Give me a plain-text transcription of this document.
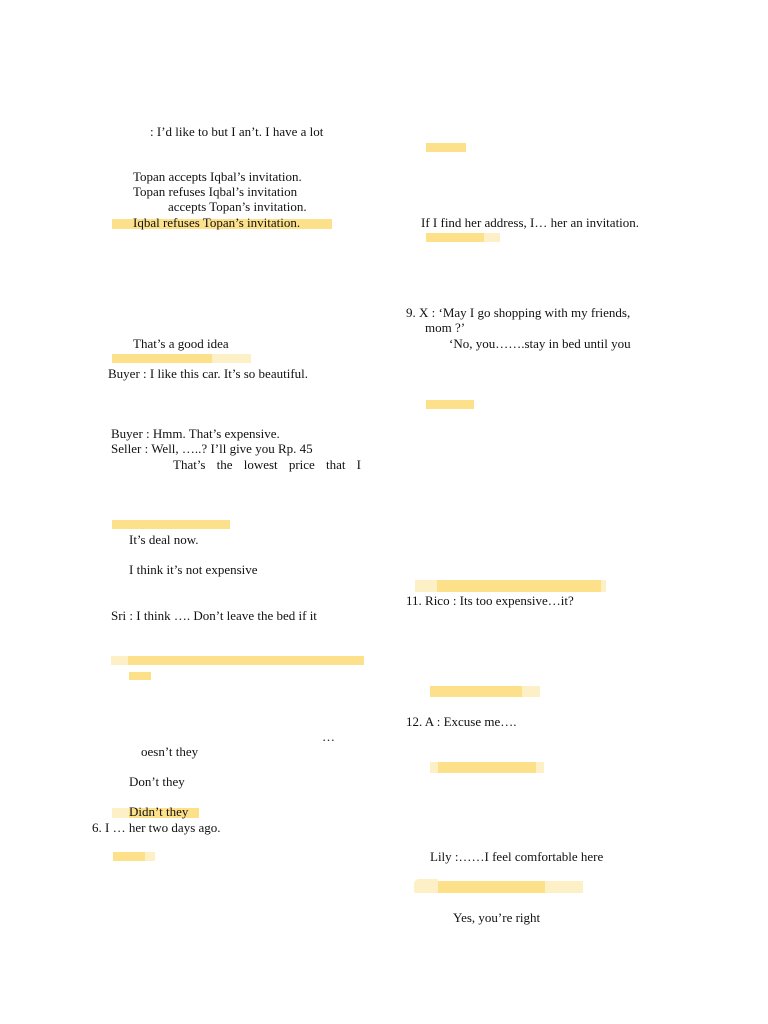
: I’d like to but I an’t. I have a lot
Topan accepts Iqbal’s invitation.
Topan refuses Iqbal’s invitation
accepts Topan’s invitation.
Iqbal refuses Topan’s invitation.
That’s a good idea
Buyer : I like this car. It’s so beautiful.
Buyer : Hmm. That’s expensive.
Seller : Well, …..? I’ll give you Rp. 45
That’s the lowest price that I
It’s deal now.
I think it’s not expensive
Sri : I think …. Don’t leave the bed if it
…
oesn’t they
Don’t they
Didn’t they
6. I … her two days ago.
If I find her address, I… her an invitation.
9. X : ‘May I go shopping with my friends,
mom ?’
‘No, you…….stay in bed until you
11. Rico : Its too expensive…it?
12. A : Excuse me….
Lily :……I feel comfortable here
Yes, you’re right
